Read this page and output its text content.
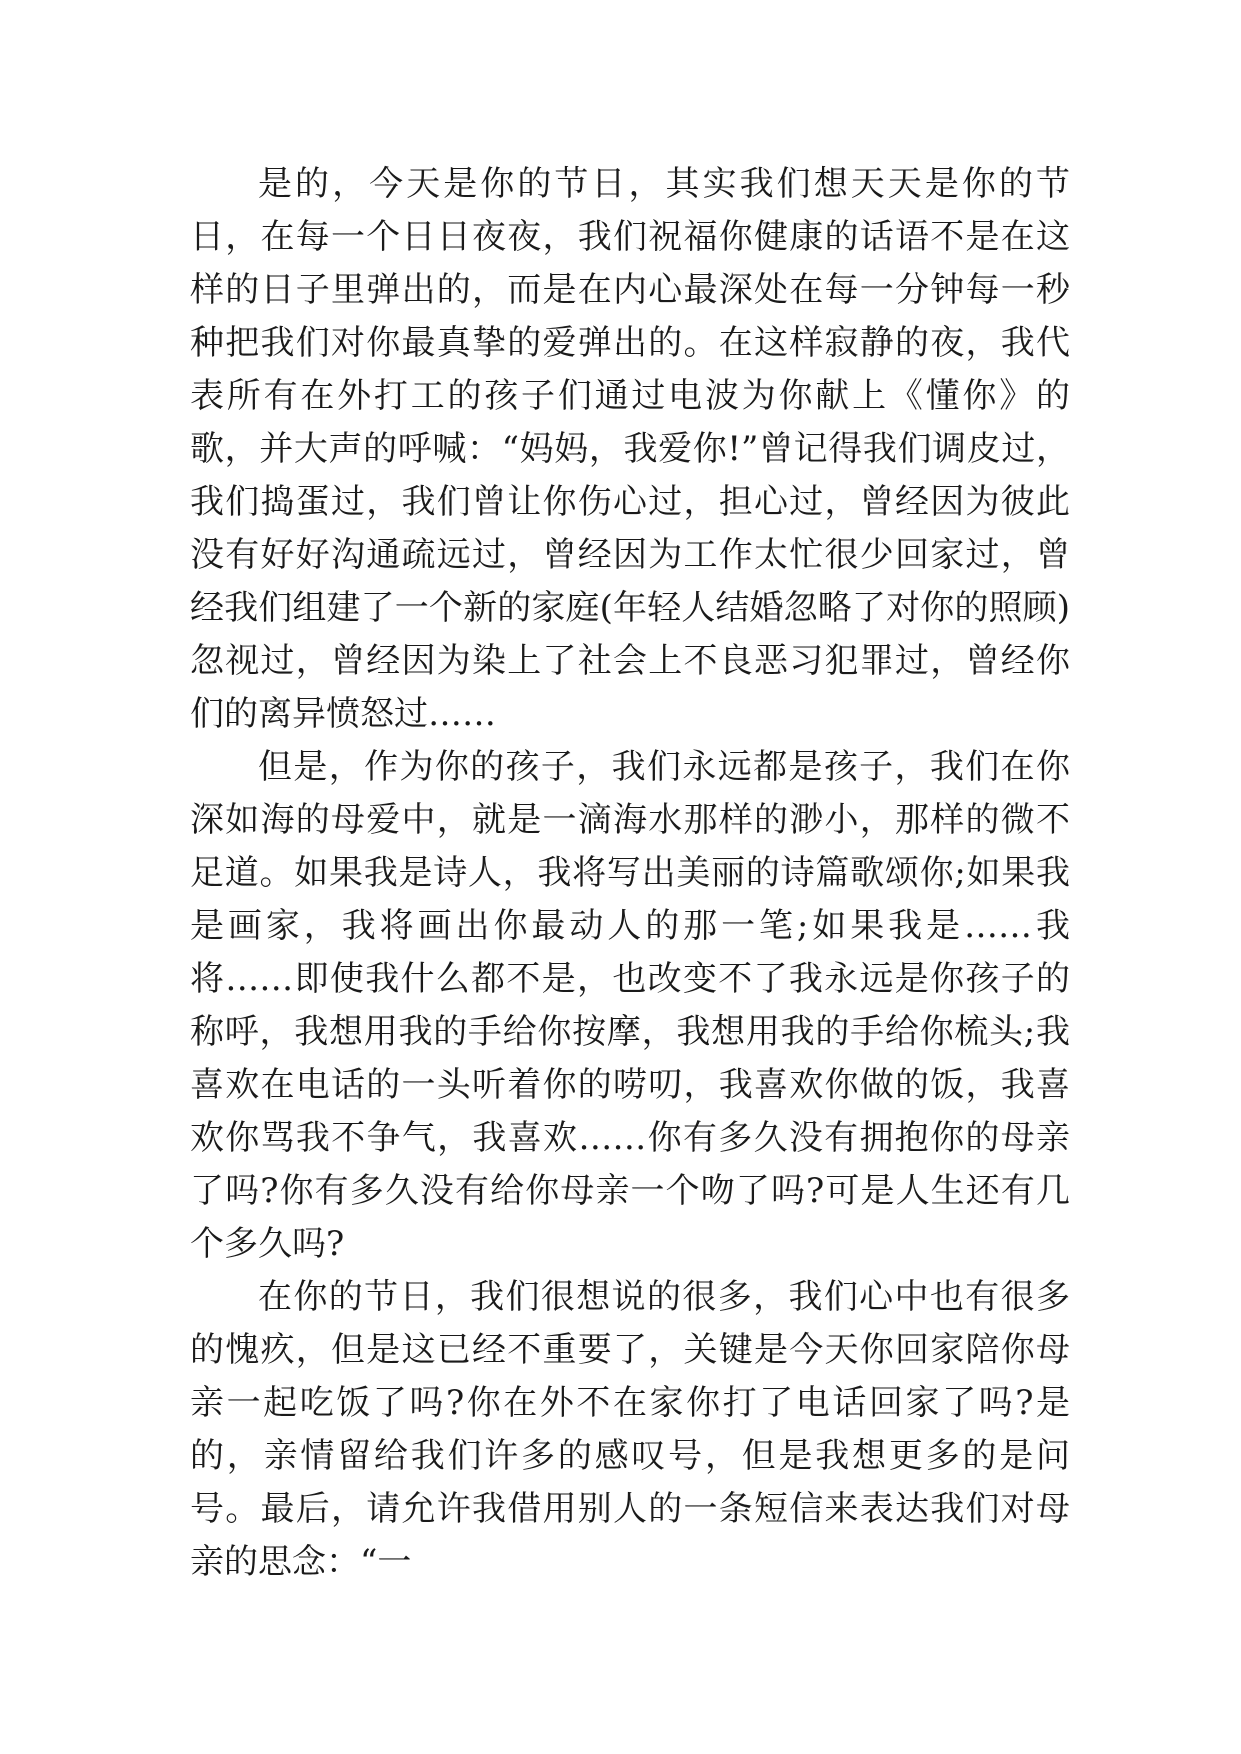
是的，今天是你的节日，其实我们想天天是你的节日，在每一个日日夜夜，我们祝福你健康的话语不是在这样的日子里弹出的，而是在内心最深处在每一分钟每一秒种把我们对你最真挚的爱弹出的。在这样寂静的夜，我代表所有在外打工的孩子们通过电波为你献上《懂你》的歌，并大声的呼喊：“妈妈，我爱你!”曾记得我们调皮过，我们捣蛋过，我们曾让你伤心过，担心过，曾经因为彼此没有好好沟通疏远过，曾经因为工作太忙很少回家过，曾经我们组建了一个新的家庭(年轻人结婚忽略了对你的照顾)忽视过，曾经因为染上了社会上不良恶习犯罪过，曾经你们的离异愤怒过……

但是，作为你的孩子，我们永远都是孩子，我们在你深如海的母爱中，就是一滴海水那样的渺小，那样的微不足道。如果我是诗人，我将写出美丽的诗篇歌颂你;如果我是画家，我将画出你最动人的那一笔;如果我是……我将……即使我什么都不是，也改变不了我永远是你孩子的称呼，我想用我的手给你按摩，我想用我的手给你梳头;我喜欢在电话的一头听着你的唠叨，我喜欢你做的饭，我喜欢你骂我不争气，我喜欢……你有多久没有拥抱你的母亲了吗?你有多久没有给你母亲一个吻了吗?可是人生还有几个多久吗?

在你的节日，我们很想说的很多，我们心中也有很多的愧疚，但是这已经不重要了，关键是今天你回家陪你母亲一起吃饭了吗?你在外不在家你打了电话回家了吗?是的，亲情留给我们许多的感叹号，但是我想更多的是问号。最后，请允许我借用别人的一条短信来表达我们对母亲的思念：“一
